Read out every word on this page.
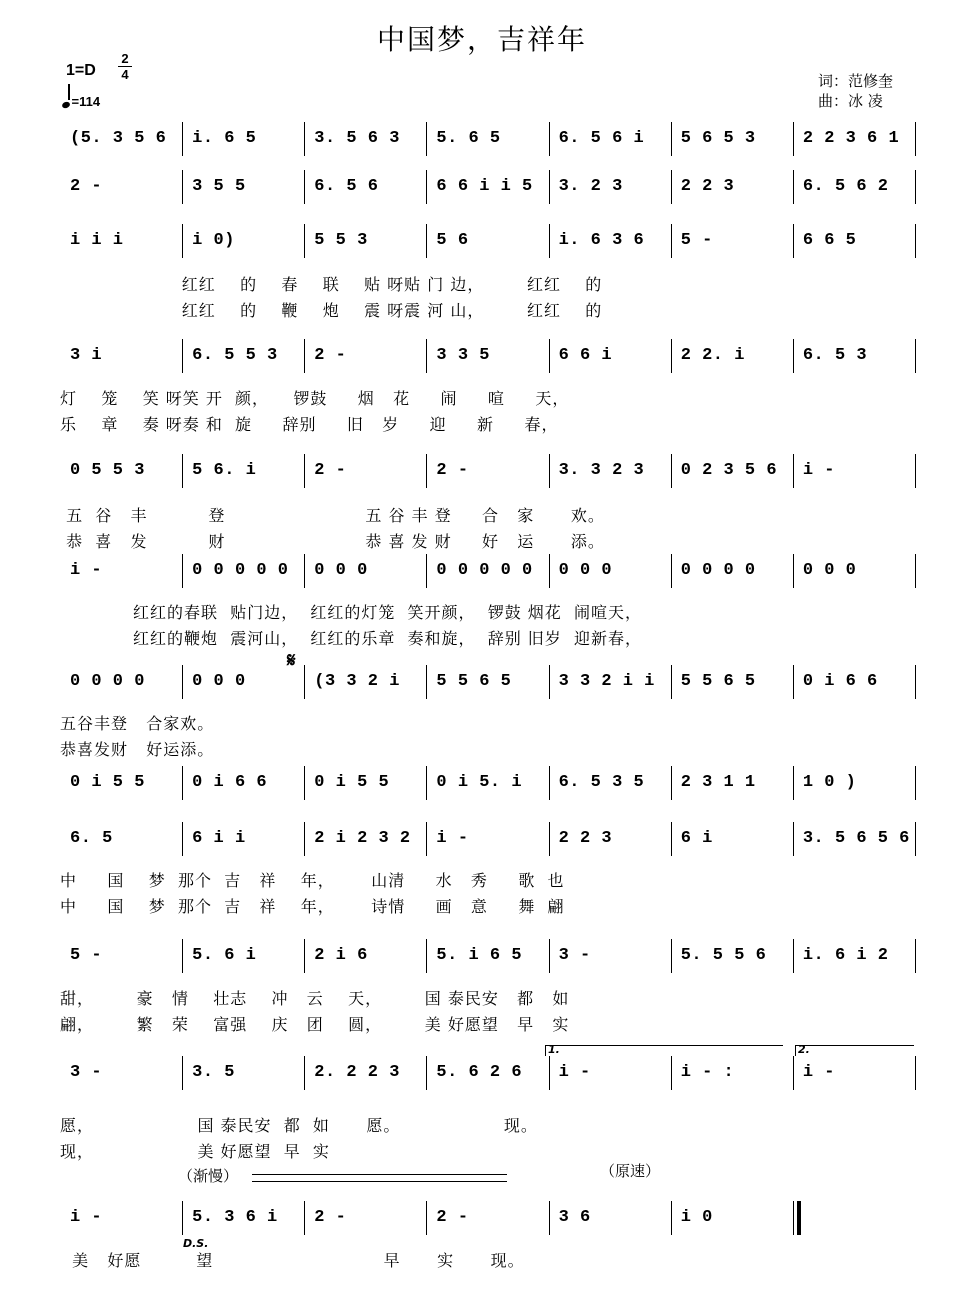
中国梦，吉祥年
1=D
2
4
=114
词：范修奎
曲：冰 凌
(5. 3 5 6 i. 6 5	3. 5 6 3 5. 6 5	6. 5 6 i 5 6 5 3	2 2 3 6 1
2 -	3 5 5	6. 5 6	6 6 i i 5 3. 2 3	2 2 3	6. 5 6 2
i i i	i 0)	5 5 3	5 6	i. 6 3 6 5 -	6 6 5
3 i	6. 5 5 3 2 -	3 3 5	6 6 i	2 2. i	6. 5 3
0 5 5 3	5 6. i	2 -	2 -	3. 3 2 3 0 2 3 5 6 i -
i -	0 0 0 0 0 0 0 0	0 0 0 0 0 0 0 0	0 0 0 0	0 0 0
0 0 0 0	0 0 0	(3 3 2 i 5 5 6 5	3 3 2 i i 5 5 6 5	0 i 6 6
0 i 5 5	0 i 6 6	0 i 5 5	0 i 5. i 6. 5 3 5 2 3 1 1	1 0 )
6. 5	6 i i	2 i 2 3 2 i -	2 2 3	6 i	3. 5 6 5 6
5 -	5. 6 i	2 i 6	5. i 6 5 3 -	5. 5 5 6 i. 6 i 2
3 -	3. 5	2. 2 2 3 5. 6 2 6 i -	i - :	i -
i -	5. 3 6 i 2 -	2 -	3 6	i 0
红红    的    春    联    贴 呀贴 门 边，       红红    的
红红    的    鞭    炮    震 呀震 河 山，       红红    的
灯    笼    笑 呀笑 开  颜，    锣鼓     烟   花     闹     喧     天，
乐    章    奏 呀奏 和  旋     辞别     旧   岁     迎     新     春，
五  谷   丰          登                       五 谷 丰 登     合   家      欢。
恭  喜   发          财                       恭 喜 发 财     好   运      添。
红红的春联  贴门边，  红红的灯笼  笑开颜，  锣鼓 烟花  闹喧天，
红红的鞭炮  震河山，  红红的乐章  奏和旋，  辞别 旧岁  迎新春，
五谷丰登   合家欢。
恭喜发财   好运添。
中     国    梦  那个  吉   祥    年，      山清     水   秀     歌  也
中     国    梦  那个  吉   祥    年，      诗情     画   意     舞  翩
甜，       豪   情    壮志    冲   云    天，       国 泰民安   都   如
翩，       繁   荣    富强    庆   团    圆，       美 好愿望   早   实
愿，                 国 泰民安  都  如      愿。                 现。
现，                 美 好愿望  早  实
美   好愿         望                            早      实      现。
（渐慢）	（原速）
D.S.
1.	2.
𝄋
